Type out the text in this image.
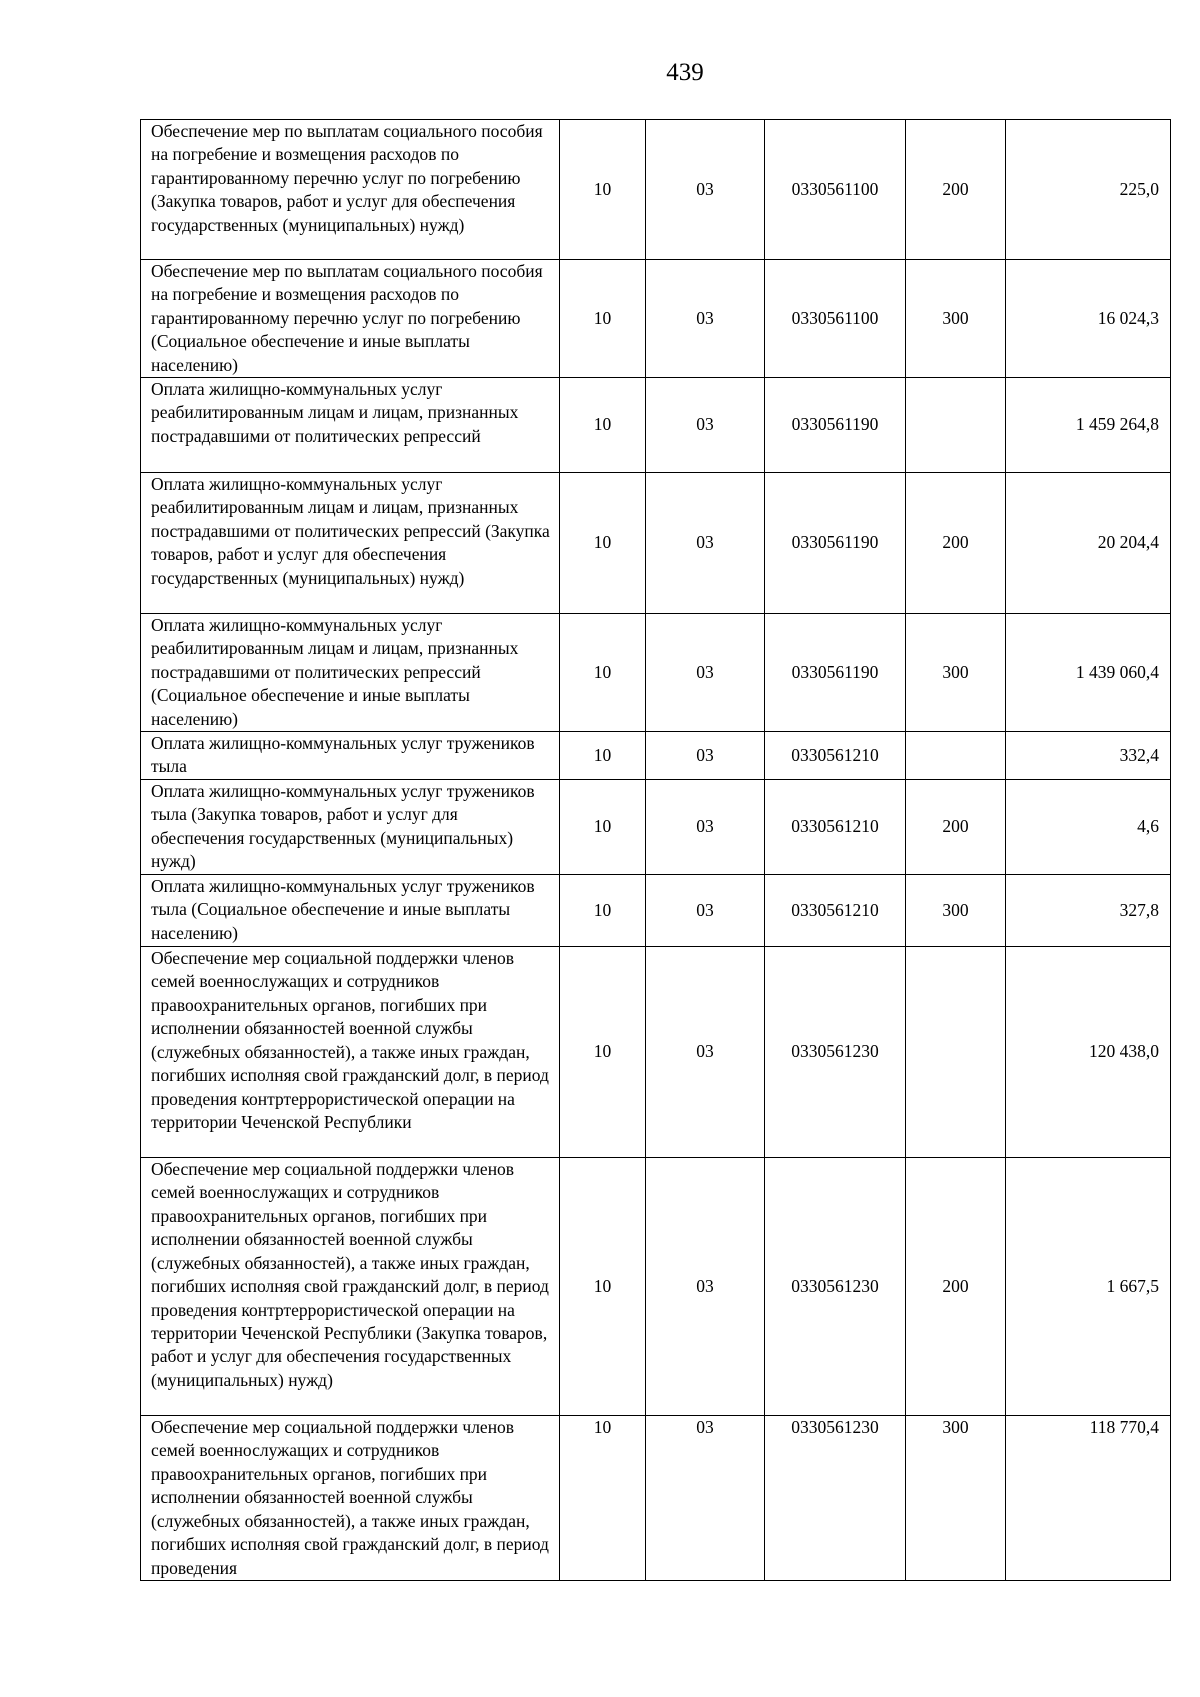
439
Обеспечение мер по выплатам социального пособия на погребение и возмещения расходов по гарантированному перечню услуг по погребению (Закупка товаров, работ и услуг для обеспечения государственных (муниципальных) нужд)	10	03	0330561100	200	225,0
Обеспечение мер по выплатам социального пособия на погребение и возмещения расходов по гарантированному перечню услуг по погребению (Социальное обеспечение и иные выплаты населению)	10	03	0330561100	300	16 024,3
Оплата жилищно-коммунальных услуг реабилитированным лицам и лицам, признанных пострадавшими от политических репрессий	10	03	0330561190		1 459 264,8
Оплата жилищно-коммунальных услуг реабилитированным лицам и лицам, признанных пострадавшими от политических репрессий (Закупка товаров, работ и услуг для обеспечения государственных (муниципальных) нужд)	10	03	0330561190	200	20 204,4
Оплата жилищно-коммунальных услуг реабилитированным лицам и лицам, признанных пострадавшими от политических репрессий (Социальное обеспечение и иные выплаты населению)	10	03	0330561190	300	1 439 060,4
Оплата жилищно-коммунальных услуг тружеников тыла	10	03	0330561210		332,4
Оплата жилищно-коммунальных услуг тружеников тыла (Закупка товаров, работ и услуг для обеспечения государственных (муниципальных) нужд)	10	03	0330561210	200	4,6
Оплата жилищно-коммунальных услуг тружеников тыла (Социальное обеспечение и иные выплаты населению)	10	03	0330561210	300	327,8
Обеспечение мер социальной поддержки членов семей военнослужащих и сотрудников правоохранительных органов, погибших при исполнении обязанностей военной службы (служебных обязанностей), а также иных граждан, погибших исполняя свой гражданский долг, в период проведения контртеррористической операции на территории Чеченской Республики	10	03	0330561230		120 438,0
Обеспечение мер социальной поддержки членов семей военнослужащих и сотрудников правоохранительных органов, погибших при исполнении обязанностей военной службы (служебных обязанностей), а также иных граждан, погибших исполняя свой гражданский долг, в период проведения контртеррористической операции на территории Чеченской Республики (Закупка товаров, работ и услуг для обеспечения государственных (муниципальных) нужд)	10	03	0330561230	200	1 667,5
Обеспечение мер социальной поддержки членов семей военнослужащих и сотрудников правоохранительных органов, погибших при исполнении обязанностей военной службы (служебных обязанностей), а также иных граждан, погибших исполняя свой гражданский долг, в период проведения	10	03	0330561230	300	118 770,4
